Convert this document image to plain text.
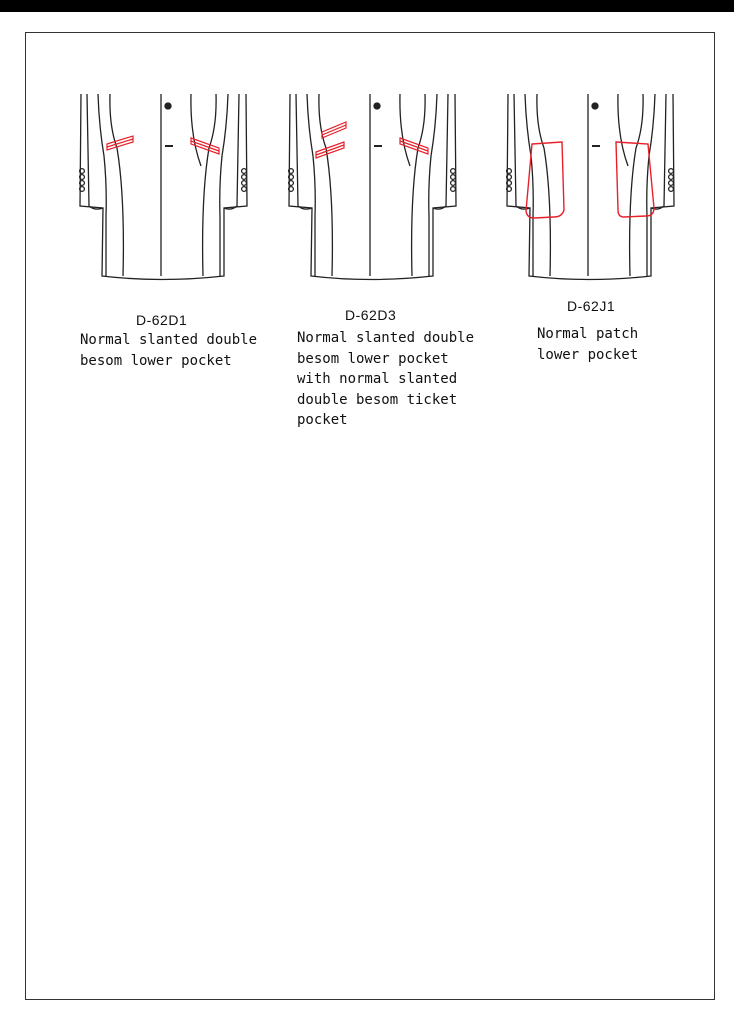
D-62D1
Normal slanted double
besom lower pocket
D-62D3
Normal slanted double
besom lower pocket
with normal slanted
double besom ticket
pocket
D-62J1
Normal patch
lower pocket
